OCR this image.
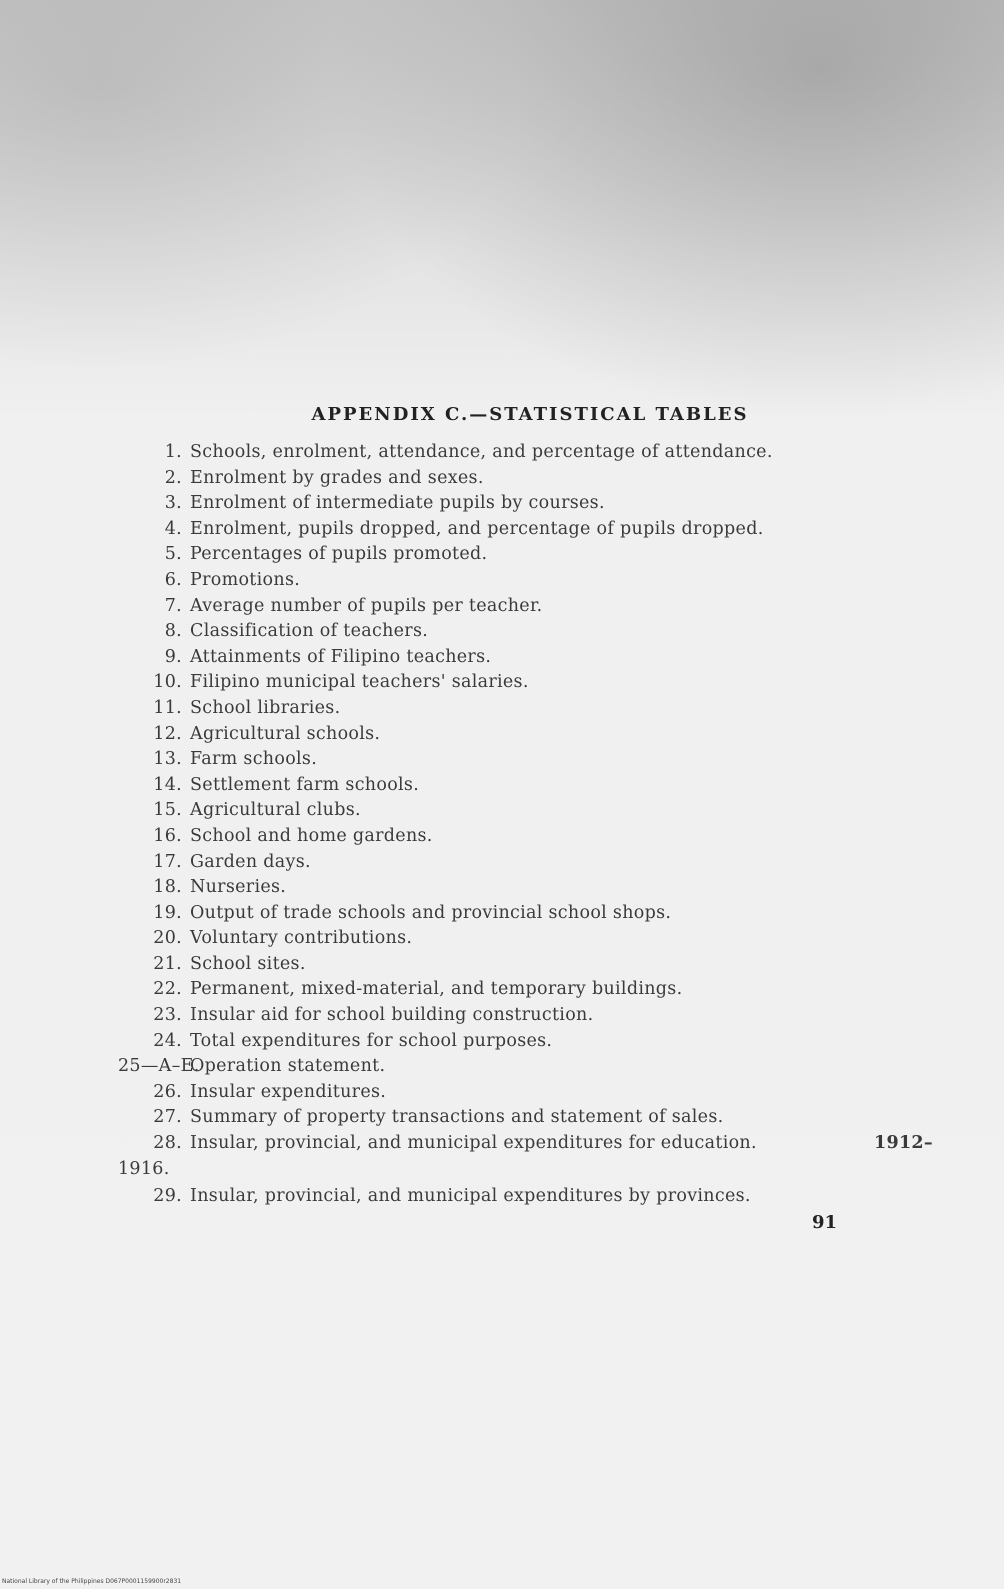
APPENDIX C.—STATISTICAL TABLES
1. Schools, enrolment, attendance, and percentage of attendance.
2. Enrolment by grades and sexes.
3. Enrolment of intermediate pupils by courses.
4. Enrolment, pupils dropped, and percentage of pupils dropped.
5. Percentages of pupils promoted.
6. Promotions.
7. Average number of pupils per teacher.
8. Classification of teachers.
9. Attainments of Filipino teachers.
10. Filipino municipal teachers' salaries.
11. School libraries.
12. Agricultural schools.
13. Farm schools.
14. Settlement farm schools.
15. Agricultural clubs.
16. School and home gardens.
17. Garden days.
18. Nurseries.
19. Output of trade schools and provincial school shops.
20. Voluntary contributions.
21. School sites.
22. Permanent, mixed-material, and temporary buildings.
23. Insular aid for school building construction.
24. Total expenditures for school purposes.
25—A–E.
Operation statement.
26. Insular expenditures.
27. Summary of property transactions and statement of sales.
28. Insular, provincial, and municipal expenditures for education.	1912–
1916.
29. Insular, provincial, and municipal expenditures by provinces.
91
National Library of the Philippines D067P0001159900r2831
